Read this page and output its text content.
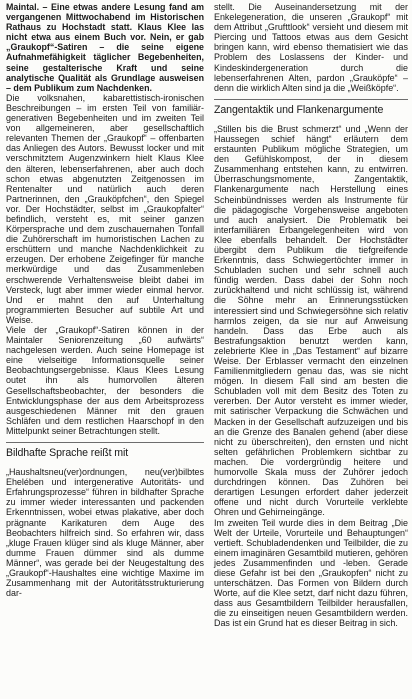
Maintal. – Eine etwas andere Lesung fand am vergangenen Mittwochabend im Historischen Rathaus zu Hochstadt statt. Klaus Klee las nicht etwa aus einem Buch vor. Nein, er gab „Graukopf“-Satiren – die seine eigene Aufnahmefähigkeit täglicher Begebenheiten, seine gestalterische Kraft und seine analytische Qualität als Grundlage ausweisen – dem Publikum zum Nachdenken.

Die volksnahen, kabarettistisch-ironischen Beschreibungen – im ersten Teil von familiär-generativen Begebenheiten und im zweiten Teil von allgemeineren, aber gesellschaftlich relevanten Themen der „Graukopf“ – offenbarten das Anliegen des Autors. Bewusst locker und mit verschmitztem Augenzwinkern hielt Klaus Klee den älteren, lebenserfahrenen, aber auch doch schon etwas abgenutzten Zeitgenossen im Rentenalter und natürlich auch deren Partnerinnen, den „Grauköpfchen“, den Spiegel vor. Der Hochstädter, selbst im „Graukopfalter“ befindlich, versteht es, mit seiner ganzen Körpersprache und dem zuschauernahen Tonfall die Zuhörerschaft im humoristischen Lachen zu erschüttern und manche Nachdenklichkeit zu erzeugen. Der erhobene Zeigefinger für manche merkwürdige und das Zusammenleben erschwerende Verhaltensweise bleibt dabei im Versteck, lugt aber immer wieder einmal hervor. Und er mahnt den auf Unterhaltung programmierten Besucher auf subtile Art und Weise.

Viele der „Graukopf“-Satiren können in der Maintaler Seniorenzeitung „60 aufwärts“ nachgelesen werden. Auch seine Homepage ist eine vielseitige Informationsquelle seiner Beobachtungsergebnisse. Klaus Klees Lesung outet ihn als humorvollen älteren Gesellschaftsbeobachter, der besonders die Entwicklungsphase der aus dem Arbeitsprozess ausgeschiedenen Männer mit den grauen Schläfen und dem restlichen Haarschopf in den Mittelpunkt seiner Betrachtungen stellt.

Bildhafte Sprache reißt mit

„Haushaltsneu(ver)ordnungen, neu(ver)bilbtes Ehelében und intergenerative Autoritäts- und Erfahrungsprozesse“ führen in bildhafter Sprache zu immer wieder interessanten und packenden Erkenntnissen, wobei etwas plakative, aber doch prägnante Karikaturen dem Auge des Beobachters hilfreich sind. So erfahren wir, dass „kluge Frauen klüger sind als kluge Männer, aber dumme Frauen dümmer sind als dumme Männer“, was gerade bei der Neugestaltung des „Graukopf“-Haushaltes eine wichtige Maxime im Zusammenhang mit der Autoritätsstrukturierung dar-

stellt. Die Auseinandersetzung mit der Enkelegeneration, die unseren „Graukopf“ mit dem Attribut „Grufttlook“ versieht und diesem mit Piercing und Tattoos etwas aus dem Gesicht bringen kann, wird ebenso thematisiert wie das Problem des Loslassens der Kinder- und Kindeskindergeneration durch die lebenserfahrenen Alten, pardon „Grauköpfe“ – denn die wirklich Alten sind ja die „Weißköpfe“.

Zangentaktik und Flankenargumente

„Stillen bis die Brust schmerzt“ und „Wenn der Haussegen schief hängt“ erläutern dem erstaunten Publikum mögliche Strategien, um den Gefühlskompost, der in diesem Zusammenhang entstehen kann, zu entwirren. Überraschungsmomente, Zangentaktik, Flankenargumente nach Herstellung eines Scheinbündnisses werden als Instrumente für die pädagogische Vorgehensweise angeboten und auch analysiert. Die Problematik bei interfamiliären Erbangelegenheiten wird von Klee ebenfalls behandelt. Der Hochstädter übergibt dem Publikum die tiefgreifende Erkenntnis, dass Schwiegertöchter immer in Schubladen suchen und sehr schnell auch fündig werden. Dass dabei der Sohn noch zurückhaltend und nicht schlüssig ist, während die Söhne mehr an Erinnerungsstücken interessiert sind und Schwiegersöhne sich relativ harmlos zeigen, da sie nur auf Anweisung handeln. Dass das Erbe auch als Bestrafungsaktion benutzt werden kann, zelebrierte Klee in „Das Testament“ auf bizarre Weise. Der Erblasser vermacht den einzelnen Familienmitgliedern genau das, was sie nicht mögen. In diesem Fall sind am besten die Schubladen voll mit dem Besitz des Toten zu vererben. Der Autor versteht es immer wieder, mit satirischer Verpackung die Schwächen und Macken in der Gesellschaft aufzuzeigen und bis an die Grenze des Banalen gehend (aber diese nicht zu überschreiten), den ernsten und nicht selten gefährlichen Problemkern sichtbar zu machen. Die vordergründig heitere und humorvolle Skala muss der Zuhörer jedoch durchdringen können. Das Zuhören bei derartigen Lesungen erfordert daher jederzeit offene und nicht durch Vorurteile verklebte Ohren und Gehirneingänge.

Im zweiten Teil wurde dies in dem Beitrag „Die Welt der Urteile, Vorurteile und Behauptungen“ vertieft. Schubladendenken und Teilbilder, die zu einem imaginären Gesamtbild mutieren, gehören jedes Zusammenfinden und -leben. Gerade diese Gefahr ist bei den „Graukopfen“ nicht zu unterschätzen. Das Formen von Bildern durch Worte, auf die Klee setzt, darf nicht dazu führen, dass aus Gesamtbildern Teilbilder herausfallen, die zu einseitigen neuen Gesamtbildern werden. Das ist ein Grund hat es dieser Beitrag in sich.
